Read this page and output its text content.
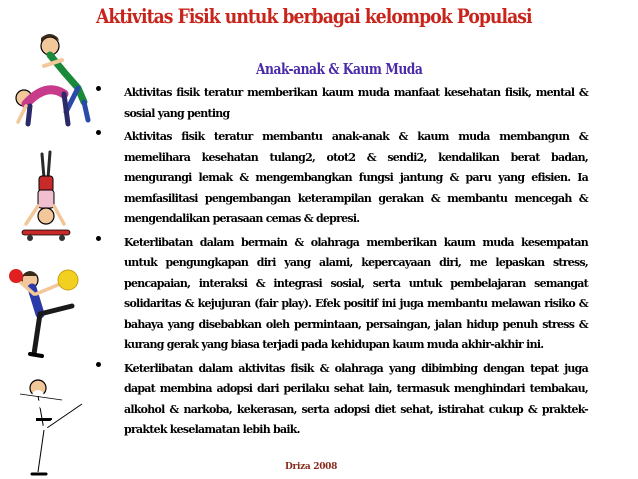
Aktivitas Fisik untuk berbagai kelompok Populasi
Anak-anak & Kaum Muda
Aktivitas fisik teratur memberikan kaum muda manfaat kesehatan fisik, mental & sosial yang penting
Aktivitas fisik teratur membantu anak-anak & kaum muda membangun & memelihara kesehatan tulang2, otot2 & sendi2, kendalikan berat badan, mengurangi lemak & mengembangkan fungsi jantung & paru yang efisien. Ia memfasilitasi pengembangan keterampilan gerakan & membantu mencegah & mengendalikan perasaan cemas & depresi.
Keterlibatan dalam bermain & olahraga memberikan kaum muda kesempatan untuk pengungkapan diri yang alami, kepercayaan diri, me lepaskan stress, pencapaian, interaksi & integrasi sosial, serta untuk pembelajaran semangat solidaritas & kejujuran (fair play). Efek positif ini juga membantu melawan risiko & bahaya yang disebabkan oleh permintaan, persaingan, jalan hidup penuh stress & kurang gerak yang biasa terjadi pada kehidupan kaum muda akhir-akhir ini.
Keterlibatan dalam aktivitas fisik & olahraga yang dibimbing dengan tepat juga dapat membina adopsi dari perilaku sehat lain, termasuk menghindari tembakau, alkohol & narkoba, kekerasan, serta adopsi diet sehat, istirahat cukup & praktek-praktek keselamatan lebih baik.
Driza 2008
